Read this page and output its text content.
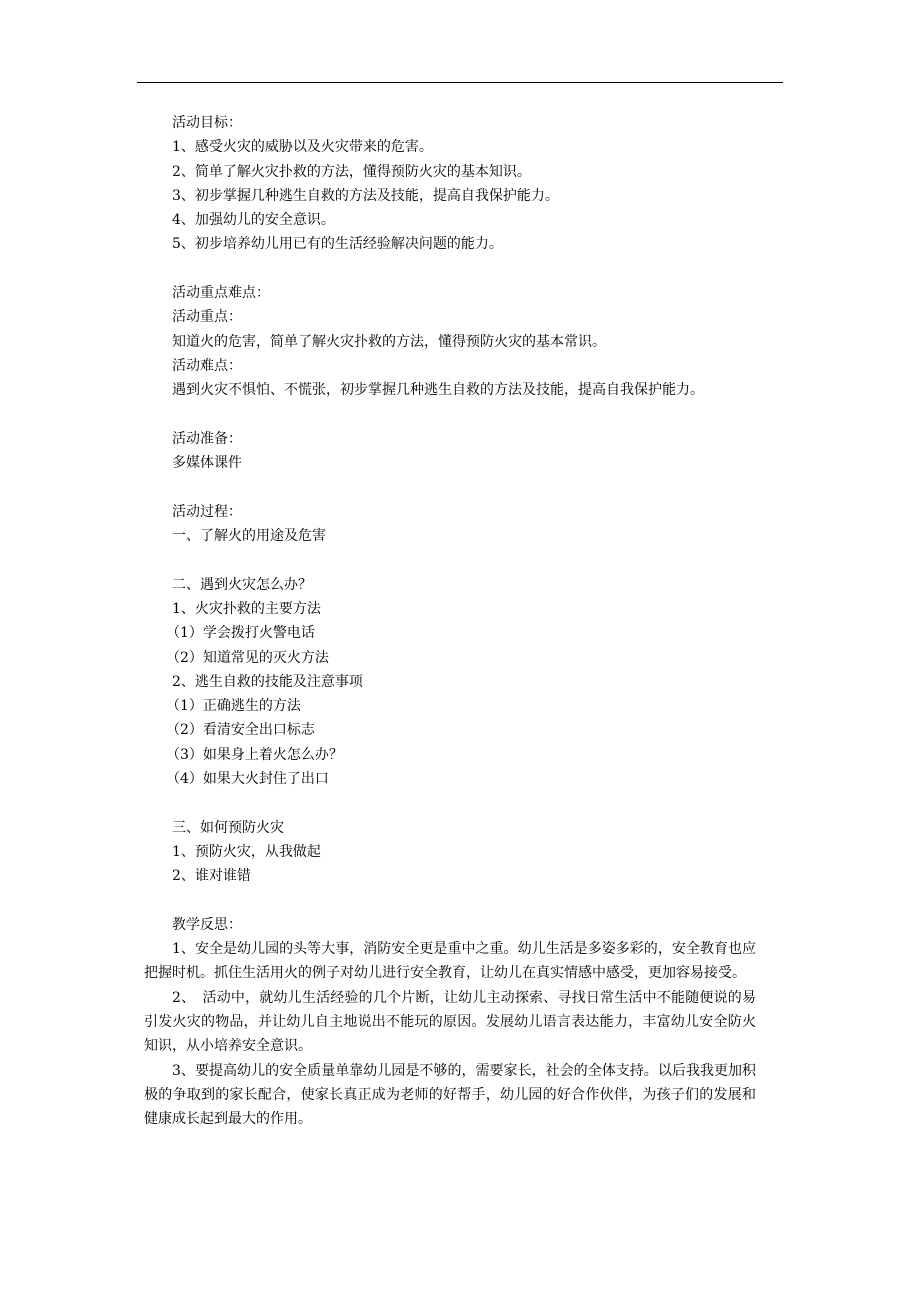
活动目标：
1、感受火灾的威胁以及火灾带来的危害。
2、简单了解火灾扑救的方法，懂得预防火灾的基本知识。
3、初步掌握几种逃生自救的方法及技能，提高自我保护能力。
4、加强幼儿的安全意识。
5、初步培养幼儿用已有的生活经验解决问题的能力。
活动重点难点：
活动重点：
知道火的危害，简单了解火灾扑救的方法，懂得预防火灾的基本常识。
活动难点：
遇到火灾不惧怕、不慌张，初步掌握几种逃生自救的方法及技能，提高自我保护能力。
活动准备：
多媒体课件
活动过程：
一、了解火的用途及危害
二、遇到火灾怎么办？
1、火灾扑救的主要方法
（1）学会拨打火警电话
（2）知道常见的灭火方法
2、逃生自救的技能及注意事项
（1）正确逃生的方法
（2）看清安全出口标志
（3）如果身上着火怎么办？
（4）如果大火封住了出口
三、如何预防火灾
1、预防火灾，从我做起
2、谁对谁错
教学反思：
1、安全是幼儿园的头等大事，消防安全更是重中之重。幼儿生活是多姿多彩的，安全教育也应把握时机。抓住生活用火的例子对幼儿进行安全教育，让幼儿在真实情感中感受，更加容易接受。
2、　活动中，就幼儿生活经验的几个片断，让幼儿主动探索、寻找日常生活中不能随便说的易引发火灾的物品，并让幼儿自主地说出不能玩的原因。发展幼儿语言表达能力，丰富幼儿安全防火知识，从小培养安全意识。
3、要提高幼儿的安全质量单靠幼儿园是不够的，需要家长，社会的全体支持。以后我我更加积极的争取到的家长配合，使家长真正成为老师的好帮手，幼儿园的好合作伙伴，为孩子们的发展和健康成长起到最大的作用。
